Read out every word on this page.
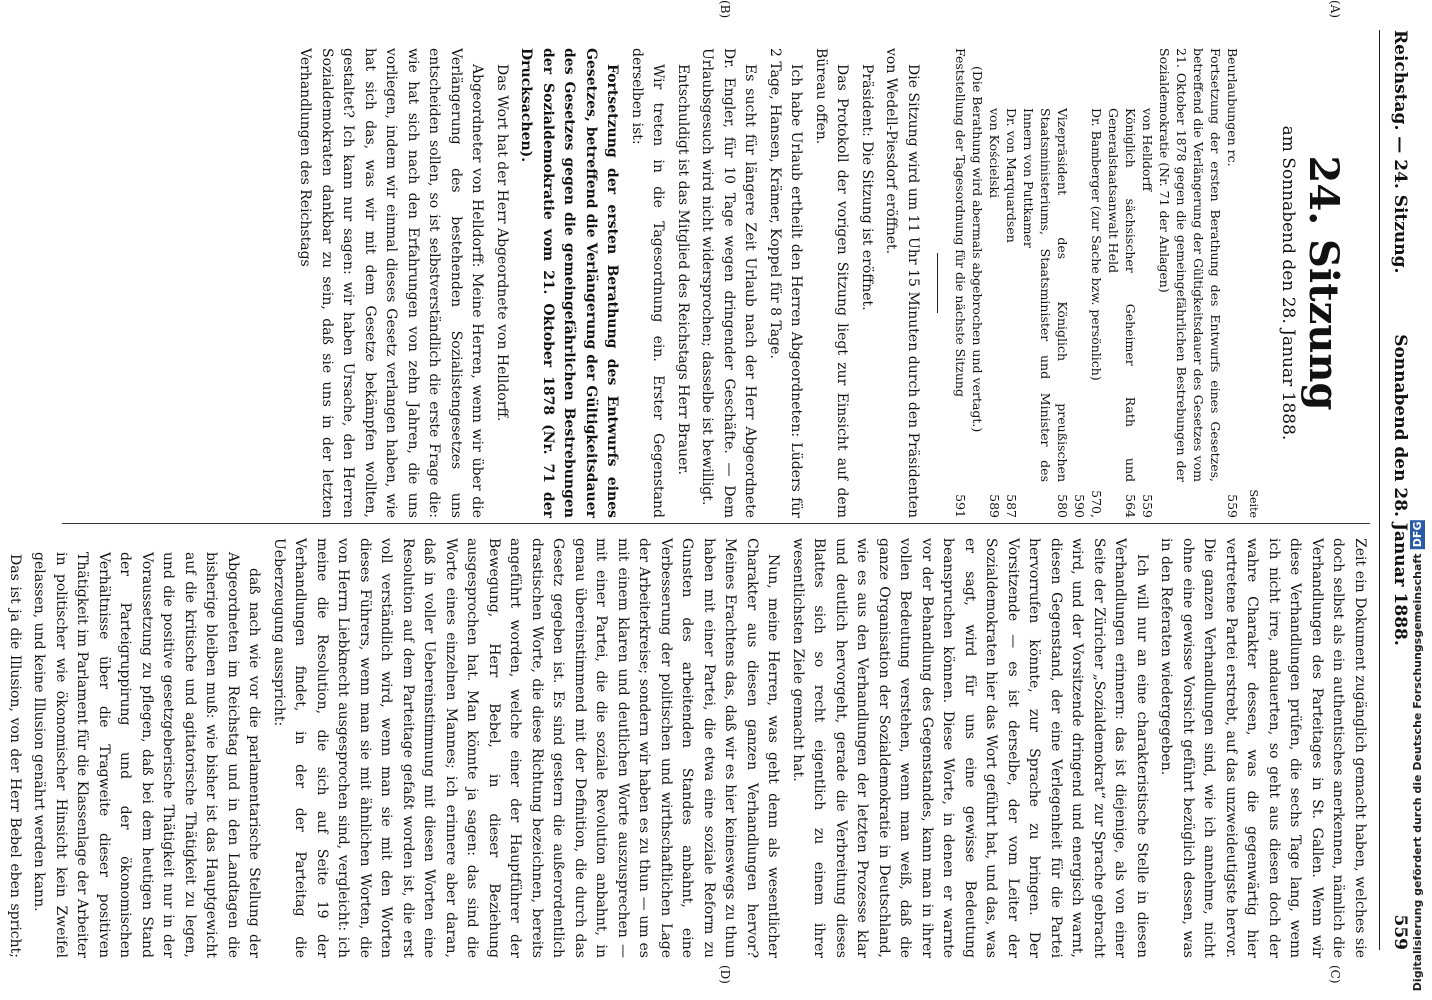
Reichstag. — 24. Sitzung.
Sonnabend den 28. Januar 1888.
559
(A)
(B)
(C)
(D)
24. Sitzung
am Sonnabend den 28. Januar 1888.
Seite
Beurlaubungen rc.
559
Fortsetzung der ersten Berathung des Entwurfs eines Gesetzes, betreffend die Verlängerung der Gültigkeitsdauer des Gesetzes vom 21. Oktober 1878 gegen die gemeingefährlichen Bestrebungen der Sozialdemokratie (Nr. 71 der Anlagen)
von Helldorff
559
Königlich sächsischer Geheimer Rath und Generalstaatsanwalt Held
564
Dr. Bamberger (zur Sache bzw. persönlich)
570, 590
Vizepräsident des Königlich preußischen Staatsministeriums, Staatsminister und Minister des Innern von Puttkamer
580
Dr. von Marquardsen
587
von Kościelski
589
(Die Berathung wird abermals abgebrochen und vertagt.)
Feststellung der Tagesordnung für die nächste Sitzung
591

Die Sitzung wird um 11 Uhr 15 Minuten durch den Präsidenten von Wedell-Piesdorf eröffnet.

Präsident: Die Sitzung ist eröffnet.

Das Protokoll der vorigen Sitzung liegt zur Einsicht auf dem Büreau offen.

Ich habe Urlaub ertheilt den Herren Abgeordneten: Lüders für 2 Tage, Hansen, Krämer, Koppel für 8 Tage.

Es sucht für längere Zeit Urlaub nach der Herr Abgeordnete Dr. Engler, für 10 Tage wegen dringender Geschäfte. — Dem Urlaubsgesuch wird nicht widersprochen; dasselbe ist bewilligt.

Entschuldigt ist das Mitglied des Reichstags Herr Brauer.

Wir treten in die Tagesordnung ein. Erster Gegenstand derselben ist:

Fortsetzung der ersten Berathung des Entwurfs eines Gesetzes, betreffend die Verlängerung der Gültigkeitsdauer des Gesetzes gegen die gemeingefährlichen Bestrebungen der Sozialdemokratie vom 21. Oktober 1878 (Nr. 71 der Drucksachen).

Das Wort hat der Herr Abgeordnete von Helldorff.

Abgeordneter von Helldorff: Meine Herren, wenn wir über die Verlängerung des bestehenden Sozialistengesetzes uns entscheiden sollen, so ist selbstverständlich die erste Frage die: wie hat sich nach den Erfahrungen von zehn Jahren, die uns vorliegen, indem wir einmal dieses Gesetz verlangen haben, wie hat sich das, was wir mit dem Gesetze bekämpfen wollten, gestaltet? Ich kann nur sagen: wir haben Ursache, den Herren Sozialdemokraten dankbar zu sein, daß sie uns in der letzten Verhandlungen des Reichstags

Zeit ein Dokument zugänglich gemacht haben, welches sie doch selbst als ein authentisches anerkennen, nämlich die Verhandlungen des Parteitages in St. Gallen. Wenn wir diese Verhandlungen prüfen, die sechs Tage lang, wenn ich nicht irre, andauerten, so geht aus diesen doch der wahre Charakter dessen, was die gegenwärtig hier vertretene Partei erstrebt, auf das unzweideutigste hervor. Die ganzen Verhandlungen sind, wie ich annehme, nicht ohne eine gewisse Vorsicht geführt bezüglich dessen, was in den Referaten wiedergegeben.

Ich will nur an eine charakteristische Stelle in diesen Verhandlungen erinnern: das ist diejenige, als von einer Seite der Züricher „Sozialdemokrat“ zur Sprache gebracht wird, und der Vorsitzende dringend und energisch warnt, diesen Gegenstand, der eine Verlegenheit für die Partei hervorrufen könnte, zur Sprache zu bringen. Der Vorsitzende — es ist derselbe, der vom Leiter der Sozialdemokraten hier das Wort geführt hat, und das, was er sagt, wird für uns eine gewisse Bedeutung beanspruchen können. Diese Worte, in denen er warnte vor der Behandlung des Gegenstandes, kann man in ihrer vollen Bedeutung verstehen, wenn man weiß, daß die ganze Organisation der Sozialdemokratie in Deutschland, wie es aus den Verhandlungen der letzten Prozesse klar und deutlich hervorgeht, gerade die Verbreitung dieses Blattes sich so recht eigentlich zu einem ihrer wesentlichsten Ziele gemacht hat.

Nun, meine Herren, was geht denn als wesentlicher Charakter aus diesen ganzen Verhandlungen hervor? Meines Erachtens das, daß wir es hier keineswegs zu thun haben mit einer Partei, die etwa eine soziale Reform zu Gunsten des arbeitenden Standes anbahnt, eine Verbesserung der politischen und wirthschaftlichen Lage der Arbeiterkreise; sondern wir haben es zu thun — um es mit einem klaren und deutlichen Worte auszusprechen — mit einer Partei, die die soziale Revolution anbahnt, in genau übereinstimmend mit der Definition, die durch das Gesetz gegeben ist. Es sind gestern die außerordentlich drastischen Worte, die diese Richtung bezeichnen, bereits angeführt worden, welche einer der Hauptführer der Bewegung, Herr Bebel, in dieser Beziehung ausgesprochen hat. Man könnte ja sagen: das sind die Worte eines einzelnen Mannes; ich erinnere aber daran, daß in voller Uebereinstimmung mit diesen Worten eine Resolution auf dem Parteitage gefaßt worden ist, die erst voll verständlich wird, wenn man sie mit den Worten dieses Führers, wenn man sie mit ähnlichen Worten, die von Herrn Liebknecht ausgesprochen sind, vergleicht: ich meine die Resolution, die sich auf Seite 19 der Verhandlungen findet, in der der Parteitag die Ueberzeugung ausspricht:

daß nach wie vor die parlamentarische Stellung der Abgeordneten im Reichstag und in den Landtagen die bisherige bleiben muß: wie bisher ist das Hauptgewicht auf die kritische und agitatorische Thätigkeit zu legen, und die positive gesetzgeberische Thätigkeit nur in der Voraussetzung zu pflegen, daß bei dem heutigen Stand der Parteigruppirung und der ökonomischen Verhältnisse über die Tragweite dieser positiven Thätigkeit im Parlament für die Klassenlage der Arbeiter in politischer wie ökonomischer Hinsicht kein Zweifel gelassen, und keine Illusion genährt werden kann.

Das ist ja die Illusion, von der Herr Bebel eben spricht;	Digitalisierung gefördert durch die Deutsche Forschungsgemeinschaft DFG
